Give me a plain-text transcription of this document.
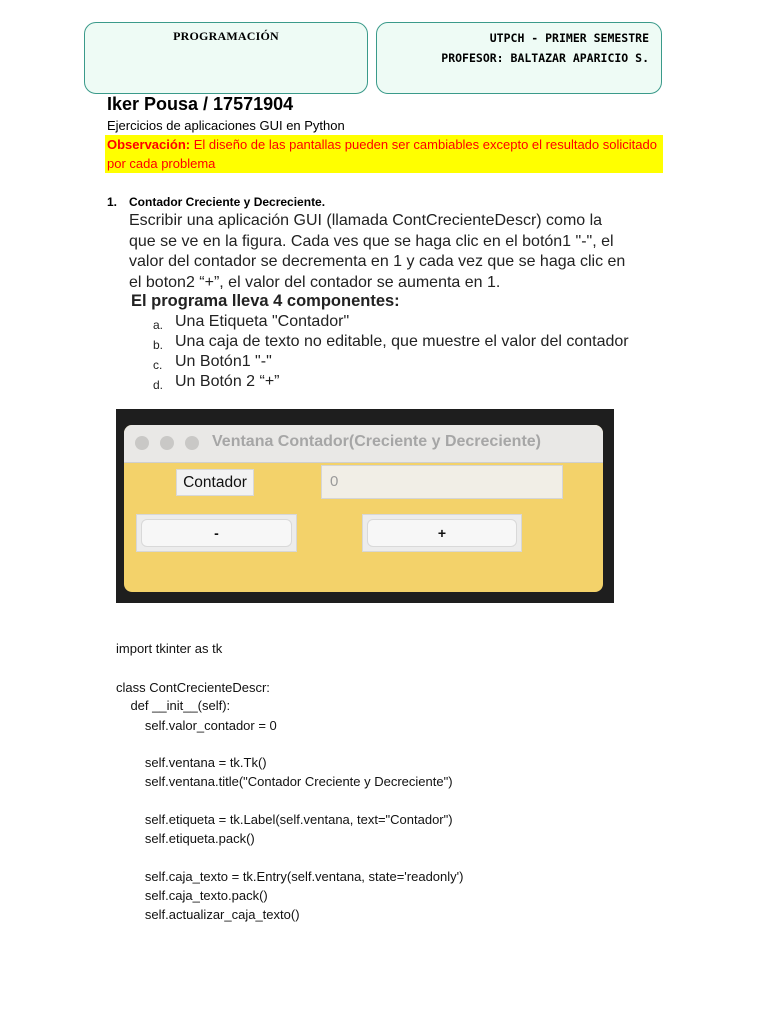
PROGRAMACIÓN	UTPCH - PRIMER SEMESTRE
PROFESOR: BALTAZAR APARICIO S.
Iker Pousa / 17571904
Ejercicios de aplicaciones GUI en Python
Observación: El diseño de las pantallas pueden ser cambiables excepto el resultado solicitado por cada problema
1. Contador Creciente y Decreciente.
Escribir una aplicación GUI (llamada ContCrecienteDescr) como la
que se ve en la figura. Cada ves que se haga clic en el botón1 "-", el
valor del contador se decrementa en 1 y cada vez que se haga clic en
el boton2 “+”, el valor del contador se aumenta en 1.
El programa lleva 4 componentes:
a. Una Etiqueta "Contador"
b. Una caja de texto no editable, que muestre el valor del contador
c. Un Botón1 "-"
d. Un Botón 2 “+”
Ventana Contador(Creciente y Decreciente)
Contador	0
-	+
import tkinter as tk
class ContCrecienteDescr:
def __init__(self):
self.valor_contador = 0
self.ventana = tk.Tk()
self.ventana.title("Contador Creciente y Decreciente")
self.etiqueta = tk.Label(self.ventana, text="Contador")
self.etiqueta.pack()
self.caja_texto = tk.Entry(self.ventana, state='readonly')
self.caja_texto.pack()
self.actualizar_caja_texto()
